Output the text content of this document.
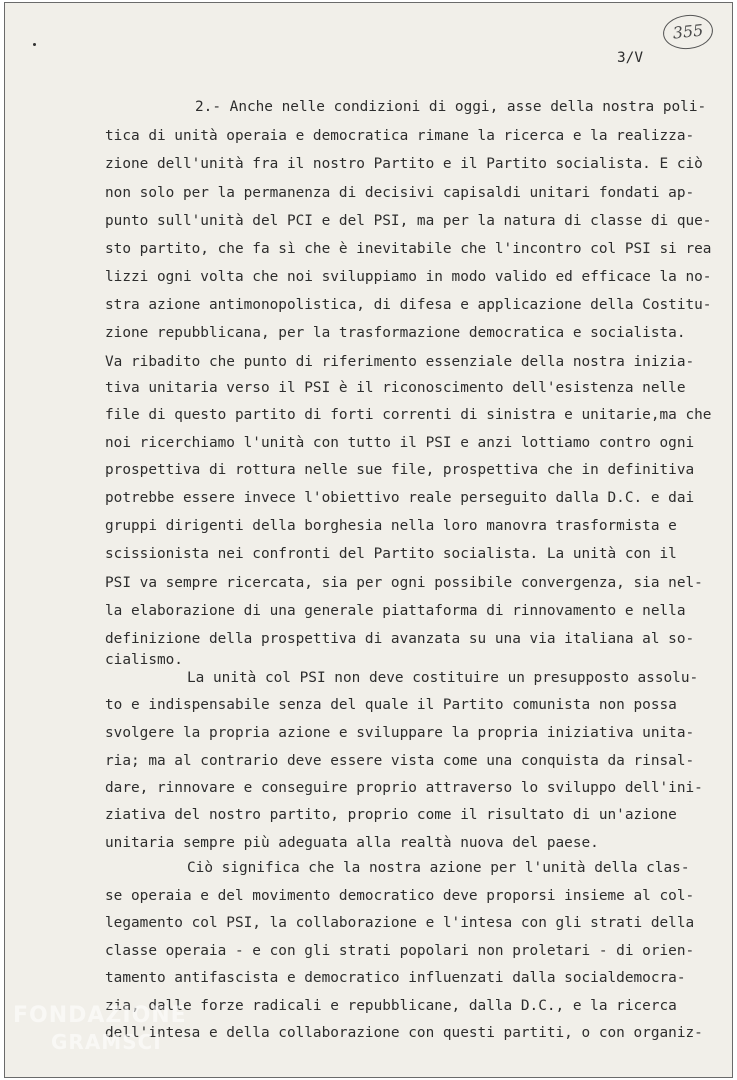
355
3/V
2.- Anche nelle condizioni di oggi, asse della nostra poli-
tica di unità operaia e democratica rimane la ricerca e la realizza-
zione dell'unità fra il nostro Partito e il Partito socialista. E ciò
non solo per la permanenza di decisivi capisaldi unitari fondati ap-
punto sull'unità del PCI e del PSI, ma per la natura di classe di que-
sto partito, che fa sì che è inevitabile che l'incontro col PSI si rea
lizzi ogni volta che noi sviluppiamo in modo valido ed efficace la no-
stra azione antimonopolistica, di difesa e applicazione della Costitu-
zione repubblicana, per la trasformazione democratica e socialista.
Va ribadito che punto di riferimento essenziale della nostra inizia-
tiva unitaria verso il PSI è il riconoscimento dell'esistenza nelle
file di questo partito di forti correnti di sinistra e unitarie,ma che
noi ricerchiamo l'unità con tutto il PSI e anzi lottiamo contro ogni
prospettiva di rottura nelle sue file, prospettiva che in definitiva
potrebbe essere invece l'obiettivo reale perseguito dalla D.C. e dai
gruppi dirigenti della borghesia nella loro manovra trasformista e
scissionista nei confronti del Partito socialista. La unità con il
PSI va sempre ricercata, sia per ogni possibile convergenza, sia nel-
la elaborazione di una generale piattaforma di rinnovamento e nella
definizione della prospettiva di avanzata su una via italiana al so-
cialismo.
La unità col PSI non deve costituire un presupposto assolu-
to e indispensabile senza del quale il Partito comunista non possa
svolgere la propria azione e sviluppare la propria iniziativa unita-
ria; ma al contrario deve essere vista come una conquista da rinsal-
dare, rinnovare e conseguire proprio attraverso lo sviluppo dell'ini-
ziativa del nostro partito, proprio come il risultato di un'azione
unitaria sempre più adeguata alla realtà nuova del paese.
Ciò significa che la nostra azione per l'unità della clas-
se operaia e del movimento democratico deve proporsi insieme al col-
legamento col PSI, la collaborazione e l'intesa con gli strati della
classe operaia - e con gli strati popolari non proletari - di orien-
tamento antifascista e democratico influenzati dalla socialdemocra-
zia, dalle forze radicali e repubblicane, dalla D.C., e la ricerca
dell'intesa e della collaborazione con questi partiti, o con organiz-
FONDAZIONE
GRAMSCI
